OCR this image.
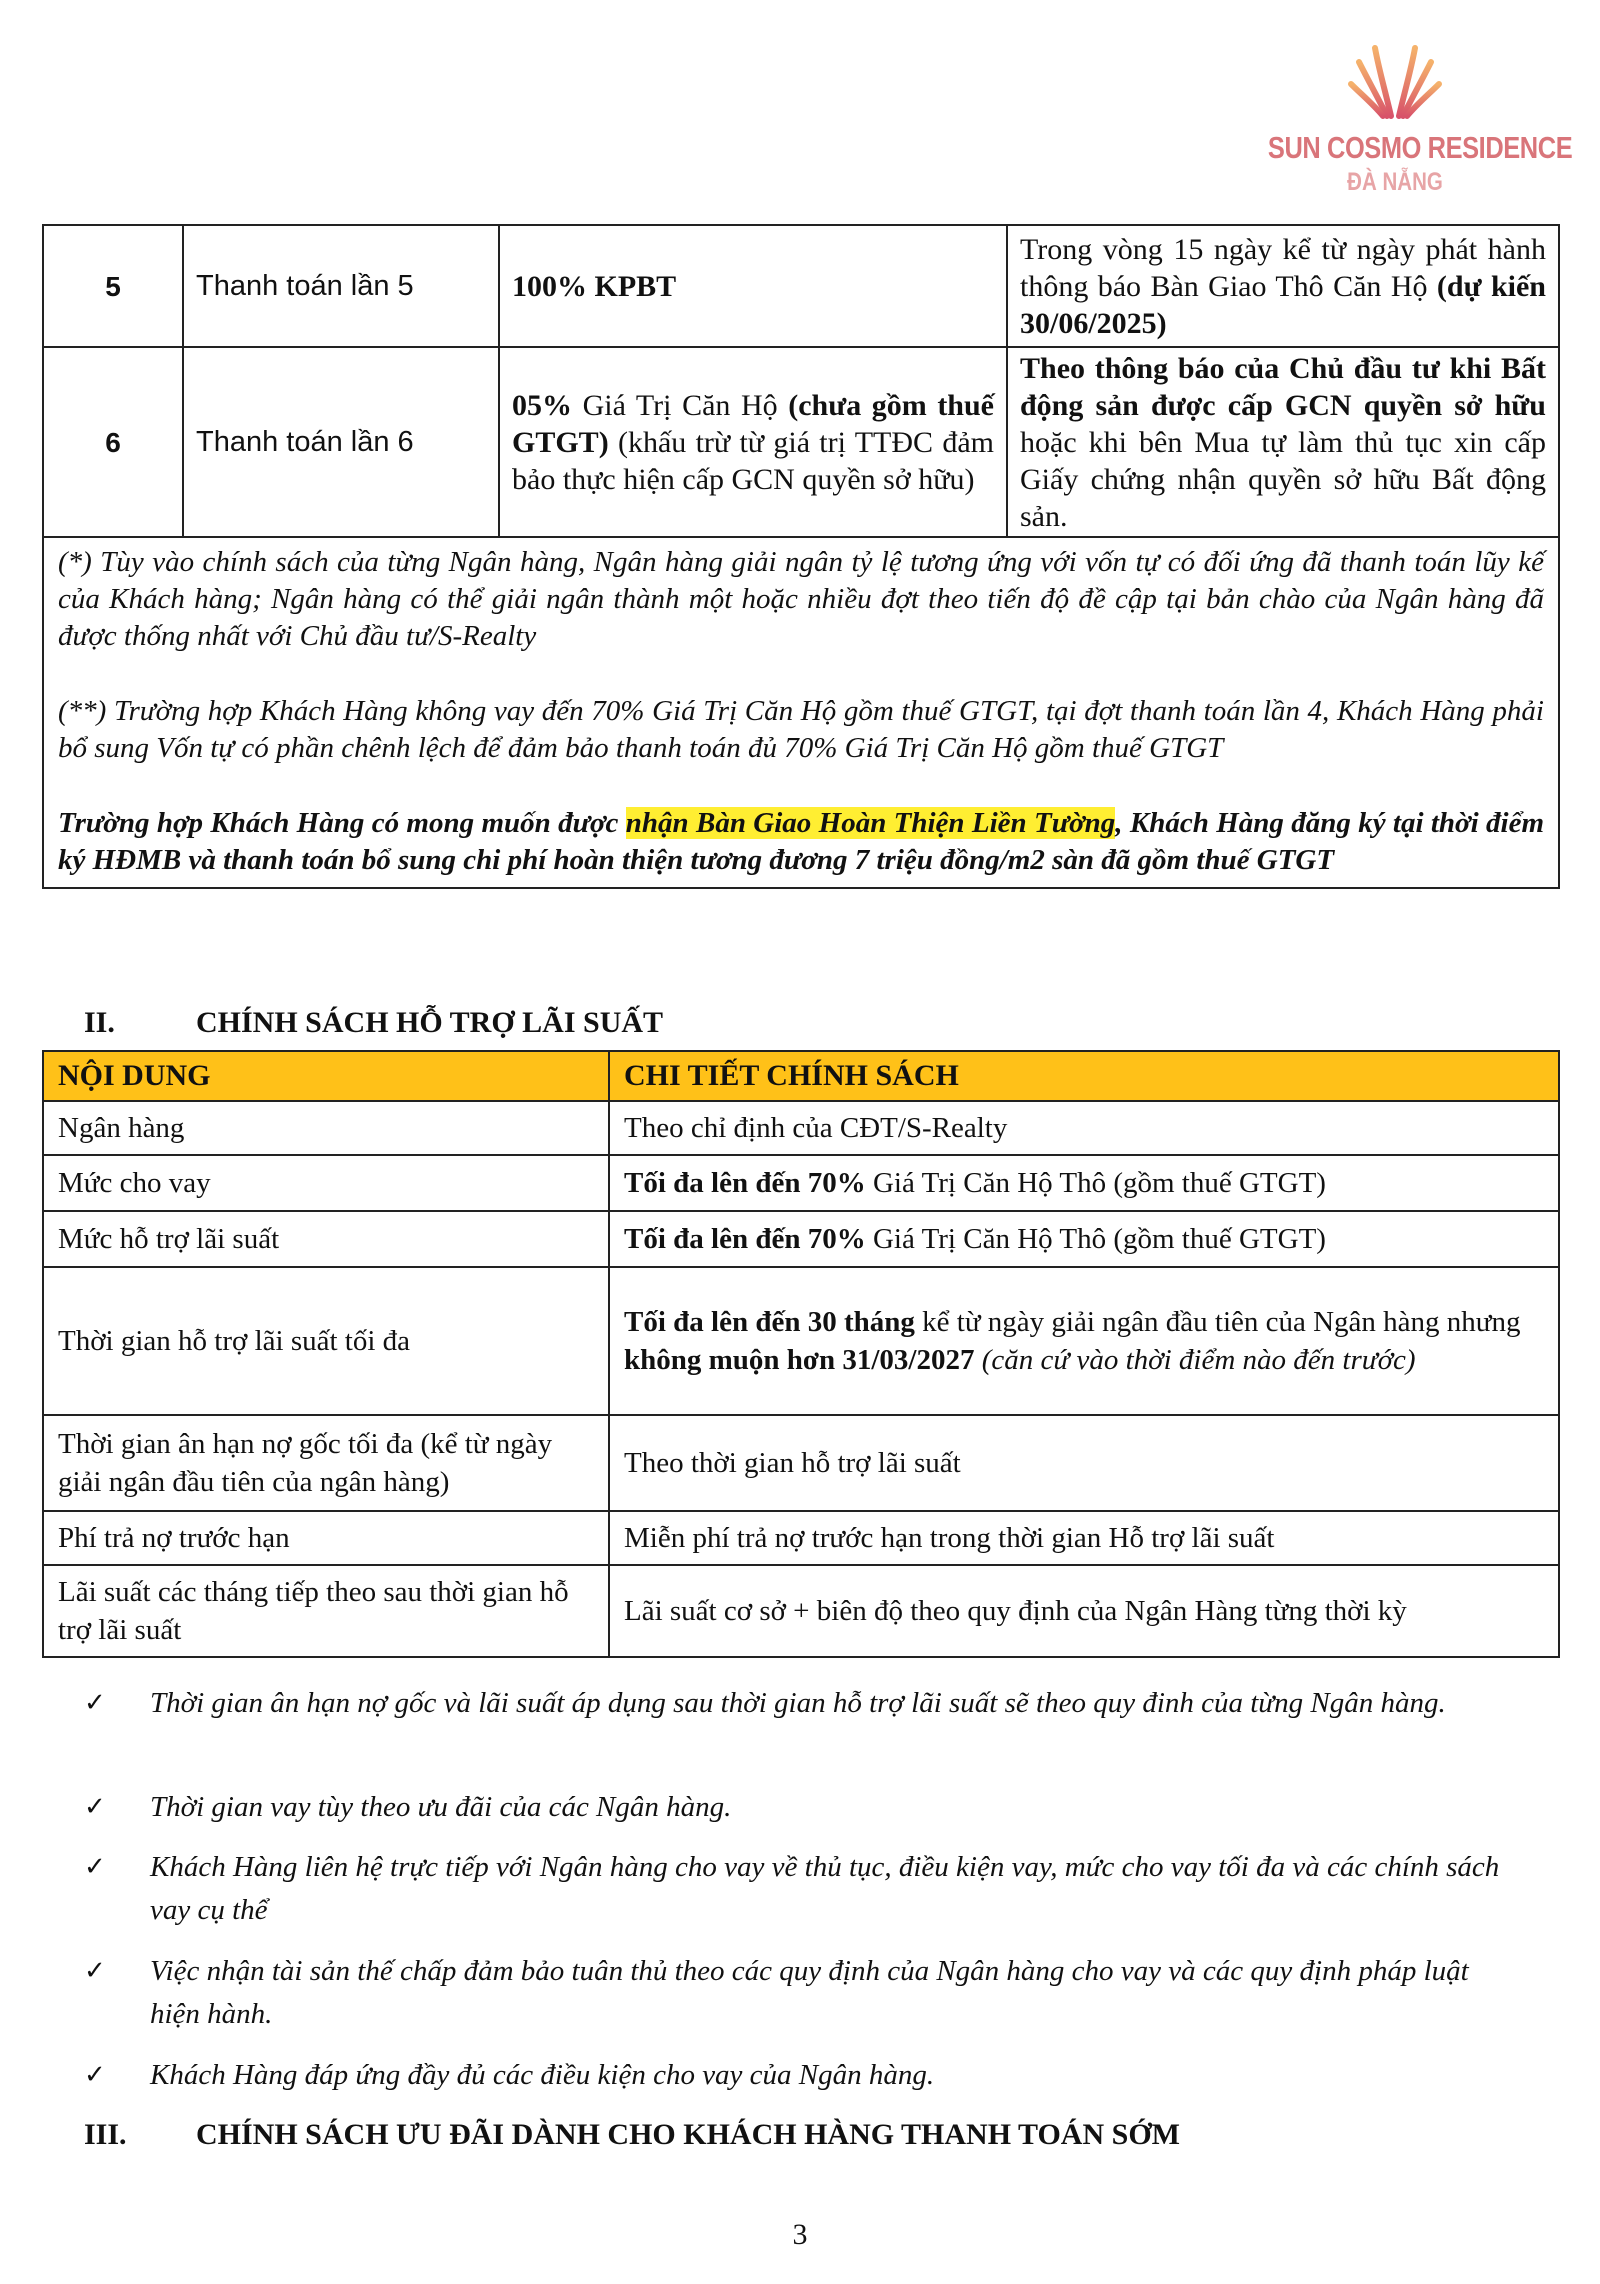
SUN COSMO RESIDENCE
ĐÀ NẴNG
5	Thanh toán lần 5	100% KPBT	Trong vòng 15 ngày kể từ ngày phát hành thông báo Bàn Giao Thô Căn Hộ (dự kiến 30/06/2025)
6	Thanh toán lần 6	05% Giá Trị Căn Hộ (chưa gồm thuế GTGT) (khấu trừ từ giá trị TTĐC đảm bảo thực hiện cấp GCN quyền sở hữu)	Theo thông báo của Chủ đầu tư khi Bất động sản được cấp GCN quyền sở hữu hoặc khi bên Mua tự làm thủ tục xin cấp Giấy chứng nhận quyền sở hữu Bất động sản.

(*) Tùy vào chính sách của từng Ngân hàng, Ngân hàng giải ngân tỷ lệ tương ứng với vốn tự có đối ứng đã thanh toán lũy kế của Khách hàng; Ngân hàng có thể giải ngân thành một hoặc nhiều đợt theo tiến độ đề cập tại bản chào của Ngân hàng đã được thống nhất với Chủ đầu tư/S-Realty

(**) Trường hợp Khách Hàng không vay đến 70% Giá Trị Căn Hộ gồm thuế GTGT, tại đợt thanh toán lần 4, Khách Hàng phải bổ sung Vốn tự có phần chênh lệch để đảm bảo thanh toán đủ 70% Giá Trị Căn Hộ gồm thuế GTGT

Trường hợp Khách Hàng có mong muốn được nhận Bàn Giao Hoàn Thiện Liền Tường, Khách Hàng đăng ký tại thời điểm ký HĐMB và thanh toán bổ sung chi phí hoàn thiện tương đương 7 triệu đồng/m2 sàn đã gồm thuế GTGT			

II.	CHÍNH SÁCH HỖ TRỢ LÃI SUẤT
NỘI DUNG	CHI TIẾT CHÍNH SÁCH
Ngân hàng	Theo chỉ định của CĐT/S-Realty
Mức cho vay	Tối đa lên đến 70% Giá Trị Căn Hộ Thô (gồm thuế GTGT)
Mức hỗ trợ lãi suất	Tối đa lên đến 70% Giá Trị Căn Hộ Thô (gồm thuế GTGT)
Thời gian hỗ trợ lãi suất tối đa	Tối đa lên đến 30 tháng kể từ ngày giải ngân đầu tiên của Ngân hàng nhưng không muộn hơn 31/03/2027 (căn cứ vào thời điểm nào đến trước)
Thời gian ân hạn nợ gốc tối đa (kể từ ngày giải ngân đầu tiên của ngân hàng)	Theo thời gian hỗ trợ lãi suất
Phí trả nợ trước hạn	Miễn phí trả nợ trước hạn trong thời gian Hỗ trợ lãi suất
Lãi suất các tháng tiếp theo sau thời gian hỗ trợ lãi suất	Lãi suất cơ sở + biên độ theo quy định của Ngân Hàng từng thời kỳ
✓ Thời gian ân hạn nợ gốc và lãi suất áp dụng sau thời gian hỗ trợ lãi suất sẽ theo quy đinh của từng Ngân hàng.
✓ Thời gian vay tùy theo ưu đãi của các Ngân hàng.
✓ Khách Hàng liên hệ trực tiếp với Ngân hàng cho vay về thủ tục, điều kiện vay, mức cho vay tối đa và các chính sách vay cụ thể
✓ Việc nhận tài sản thế chấp đảm bảo tuân thủ theo các quy định của Ngân hàng cho vay và các quy định pháp luật hiện hành.
✓ Khách Hàng đáp ứng đầy đủ các điều kiện cho vay của Ngân hàng.
III. CHÍNH SÁCH ƯU ĐÃI DÀNH CHO KHÁCH HÀNG THANH TOÁN SỚM
3
